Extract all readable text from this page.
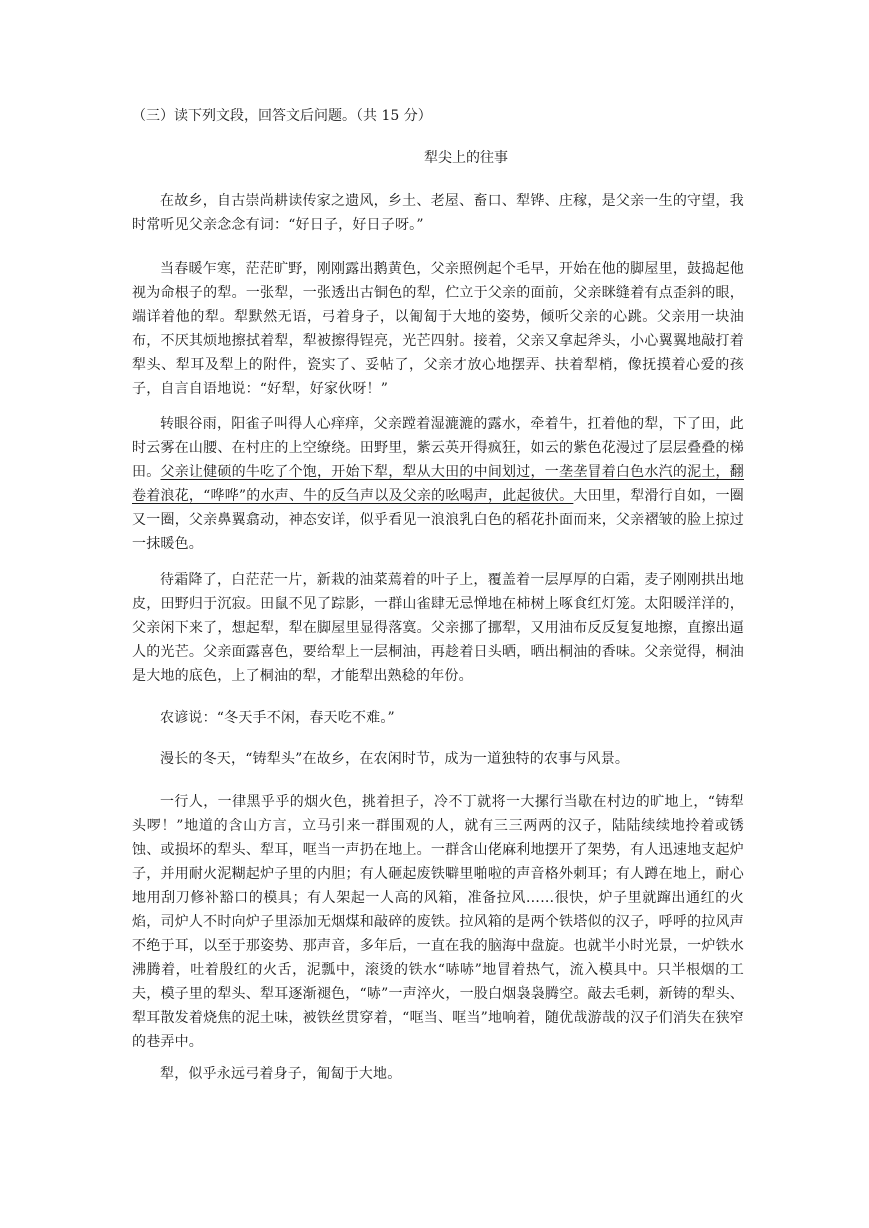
（三）读下列文段，回答文后问题。（共 15 分）
犁尖上的往事
在故乡，自古崇尚耕读传家之遗风，乡土、老屋、畜口、犁铧、庄稼，是父亲一生的守望，我时常听见父亲念念有词：“好日子，好日子呀。”
当春暖乍寒，茫茫旷野，刚刚露出鹅黄色，父亲照例起个毛早，开始在他的脚屋里，鼓捣起他视为命根子的犁。一张犁，一张透出古铜色的犁，伫立于父亲的面前，父亲眯缝着有点歪斜的眼，端详着他的犁。犁默然无语，弓着身子，以匍匐于大地的姿势，倾听父亲的心跳。父亲用一块油布，不厌其烦地擦拭着犁，犁被擦得锃亮，光芒四射。接着，父亲又拿起斧头，小心翼翼地敲打着犁头、犁耳及犁上的附件，瓷实了、妥帖了，父亲才放心地摆弄、扶着犁梢，像抚摸着心爱的孩子，自言自语地说：“好犁，好家伙呀！”
转眼谷雨，阳雀子叫得人心痒痒，父亲蹚着湿漉漉的露水，牵着牛，扛着他的犁，下了田，此时云雾在山腰、在村庄的上空缭绕。田野里，紫云英开得疯狂，如云的紫色花漫过了层层叠叠的梯田。父亲让健硕的牛吃了个饱，开始下犁，犁从大田的中间划过，一垄垄冒着白色水汽的泥土，翻卷着浪花，“哗哗”的水声、牛的反刍声以及父亲的吆喝声，此起彼伏。大田里，犁滑行自如，一圈又一圈，父亲鼻翼翕动，神态安详，似乎看见一浪浪乳白色的稻花扑面而来，父亲褶皱的脸上掠过一抹暖色。
待霜降了，白茫茫一片，新栽的油菜蔫着的叶子上，覆盖着一层厚厚的白霜，麦子刚刚拱出地皮，田野归于沉寂。田鼠不见了踪影，一群山雀肆无忌惮地在柿树上啄食红灯笼。太阳暖洋洋的，父亲闲下来了，想起犁，犁在脚屋里显得落寞。父亲挪了挪犁，又用油布反反复复地擦，直擦出逼人的光芒。父亲面露喜色，要给犁上一层桐油，再趁着日头晒，晒出桐油的香味。父亲觉得，桐油是大地的底色，上了桐油的犁，才能犁出熟稔的年份。
农谚说：“冬天手不闲，春天吃不难。”
漫长的冬天，“铸犁头”在故乡，在农闲时节，成为一道独特的农事与风景。
一行人，一律黑乎乎的烟火色，挑着担子，冷不丁就将一大摞行当歇在村边的旷地上，“铸犁头啰！”地道的含山方言，立马引来一群围观的人，就有三三两两的汉子，陆陆续续地拎着或锈蚀、或损坏的犁头、犁耳，哐当一声扔在地上。一群含山佬麻利地摆开了架势，有人迅速地支起炉子，并用耐火泥糊起炉子里的内胆；有人砸起废铁噼里啪啦的声音格外刺耳；有人蹲在地上，耐心地用刮刀修补豁口的模具；有人架起一人高的风箱，准备拉风……很快，炉子里就蹿出通红的火焰，司炉人不时向炉子里添加无烟煤和敲碎的废铁。拉风箱的是两个铁塔似的汉子，呼呼的拉风声不绝于耳，以至于那姿势、那声音，多年后，一直在我的脑海中盘旋。也就半小时光景，一炉铁水沸腾着，吐着殷红的火舌，泥瓢中，滚烫的铁水“哧哧”地冒着热气，流入模具中。只半根烟的工夫，模子里的犁头、犁耳逐渐褪色，“哧”一声淬火，一股白烟袅袅腾空。敲去毛刺，新铸的犁头、犁耳散发着烧焦的泥土味，被铁丝贯穿着，“哐当、哐当”地响着，随优哉游哉的汉子们消失在狭窄的巷弄中。
犁，似乎永远弓着身子，匍匐于大地。
